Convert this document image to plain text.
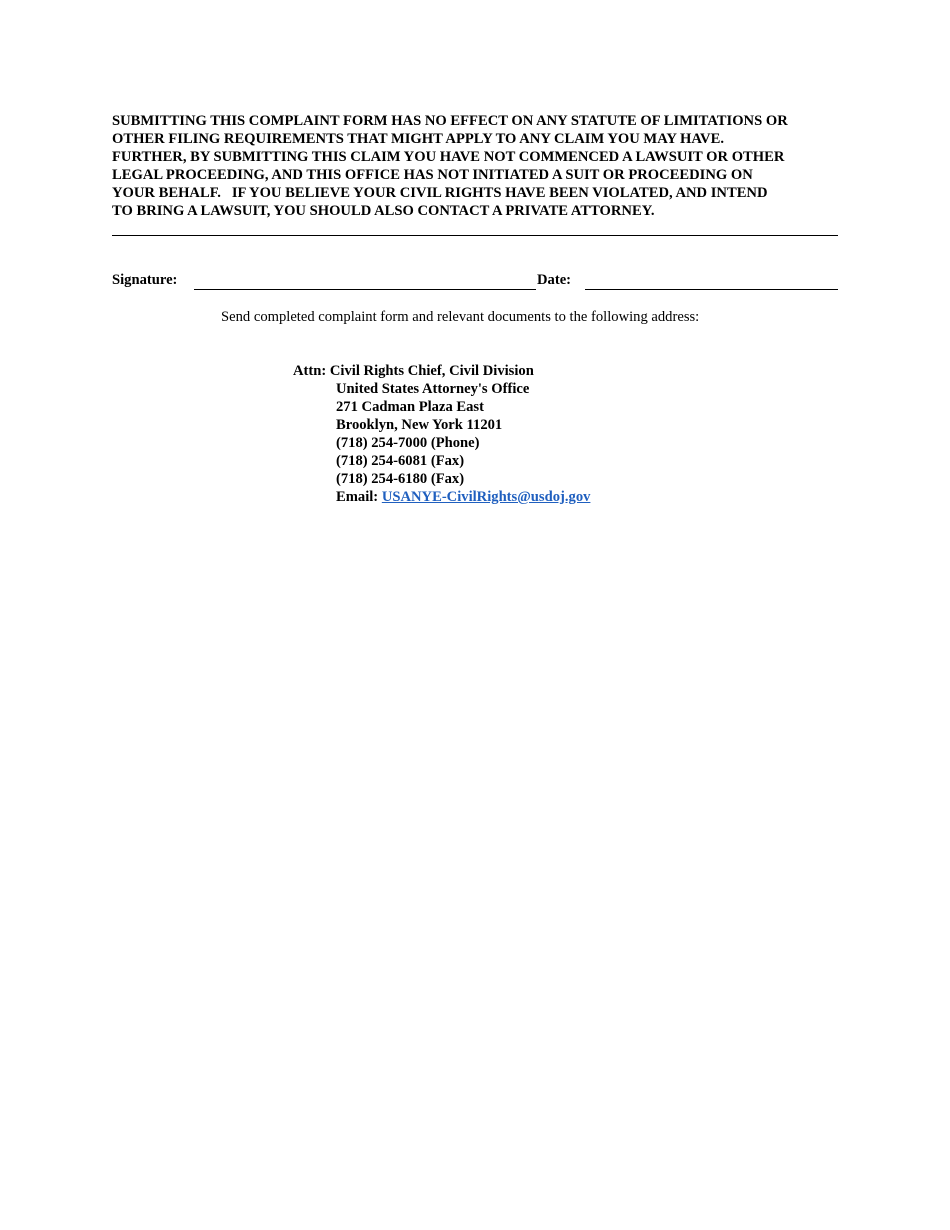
SUBMITTING THIS COMPLAINT FORM HAS NO EFFECT ON ANY STATUTE OF LIMITATIONS OR
OTHER FILING REQUIREMENTS THAT MIGHT APPLY TO ANY CLAIM YOU MAY HAVE.
FURTHER, BY SUBMITTING THIS CLAIM YOU HAVE NOT COMMENCED A LAWSUIT OR OTHER
LEGAL PROCEEDING, AND THIS OFFICE HAS NOT INITIATED A SUIT OR PROCEEDING ON
YOUR BEHALF.   IF YOU BELIEVE YOUR CIVIL RIGHTS HAVE BEEN VIOLATED, AND INTEND
TO BRING A LAWSUIT, YOU SHOULD ALSO CONTACT A PRIVATE ATTORNEY.
Signature:	Date:
Send completed complaint form and relevant documents to the following address:
Attn: Civil Rights Chief, Civil Division
United States Attorney's Office
271 Cadman Plaza East
Brooklyn, New York 11201
(718) 254-7000 (Phone)
(718) 254-6081 (Fax)
(718) 254-6180 (Fax)
Email: USANYE-CivilRights@usdoj.gov
